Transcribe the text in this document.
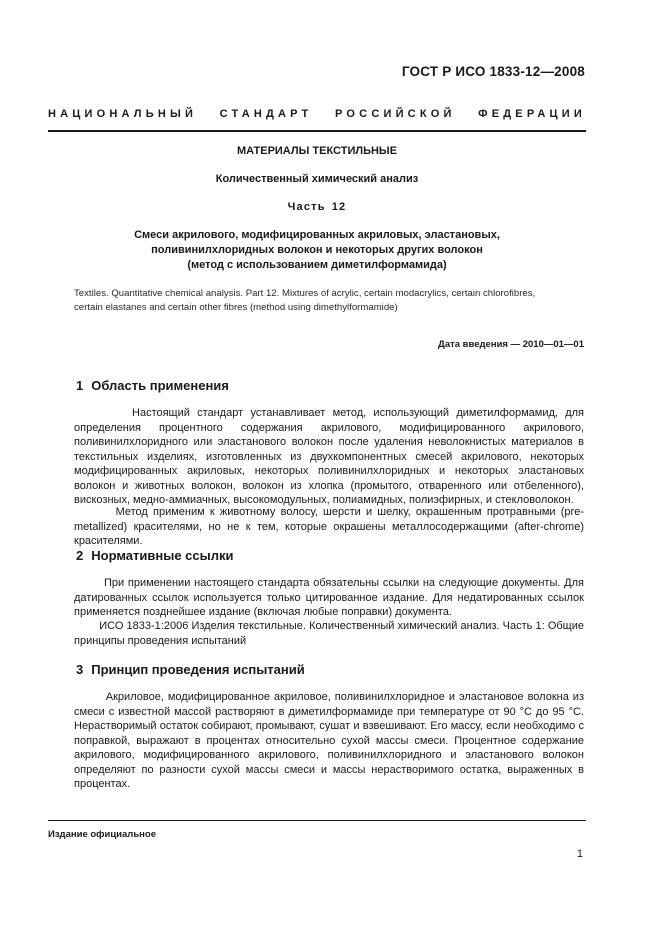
ГОСТ Р ИСО 1833-12—2008
НАЦИОНАЛЬНЫЙ СТАНДАРТ РОССИЙСКОЙ ФЕДЕРАЦИИ
МАТЕРИАЛЫ ТЕКСТИЛЬНЫЕ
Количественный химический анализ
Часть 12
Смеси акрилового, модифицированных акриловых, эластановых,
поливинилхлоридных волокон и некоторых других волокон
(метод с использованием диметилформамида)
Textiles. Quantitative chemical analysis. Part 12. Mixtures of acrylic, certain modacrylics, certain chlorofibres,
certain elastanes and certain other fibres (method using dimethylformamide)
Дата введения — 2010—01—01
1 Область применения
Настоящий стандарт устанавливает метод, использующий диметилформамид, для определения процентного содержания акрилового, модифицированного акрилового, поливинилхлоридного или эластанового волокон после удаления неволокнистых материалов в текстильных изделиях, изготовленных из двухкомпонентных смесей акрилового, некоторых модифицированных акриловых, некоторых поливинилхлоридных и некоторых эластановых волокон и животных волокон, волокон из хлопка (промытого, отваренного или отбеленного), вискозных, медно-аммиачных, высокомодульных, полиамидных, полиэфирных, и стекловолокон.
Метод применим к животному волосу, шерсти и шелку, окрашенным протравными (pre-metallized) красителями, но не к тем, которые окрашены металлосодержащими (after-chrome) красителями.
2 Нормативные ссылки
При применении настоящего стандарта обязательны ссылки на следующие документы. Для датированных ссылок используется только цитированное издание. Для недатированных ссылок применяется позднейшее издание (включая любые поправки) документа.
ИСО 1833-1:2006 Изделия текстильные. Количественный химический анализ. Часть 1: Общие принципы проведения испытаний
3 Принцип проведения испытаний
Акриловое, модифицированное акриловое, поливинилхлоридное и эластановое волокна из смеси с известной массой растворяют в диметилформамиде при температуре от 90 °С до 95 °С. Нерастворимый остаток собирают, промывают, сушат и взвешивают. Его массу, если необходимо с поправкой, выражают в процентах относительно сухой массы смеси. Процентное содержание акрилового, модифицированного акрилового, поливинилхлоридного и эластанового волокон определяют по разности сухой массы смеси и массы нерастворимого остатка, выраженных в процентах.
Издание официальное
1
